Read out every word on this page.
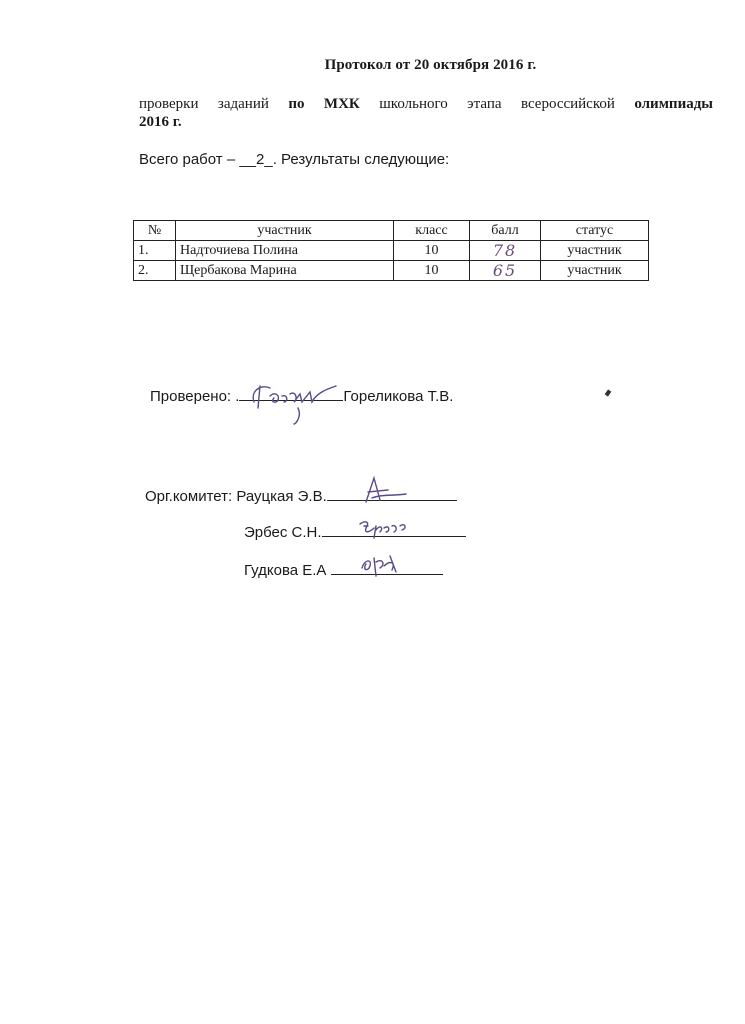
Протокол от 20 октября 2016 г.
проверки заданий по МХК школьного этапа всероссийской олимпиады
2016 г.
Всего работ – __2_. Результаты следующие:
№	участник	класс	балл	статус
1.	Надточиева Полина	10	78	участник
2.	Щербакова Марина	10	65	участник
Проверено: .	Гореликова Т.В.
Орг.комитет: Рауцкая Э.В.
Эрбес С.Н.
Гудкова Е.А
